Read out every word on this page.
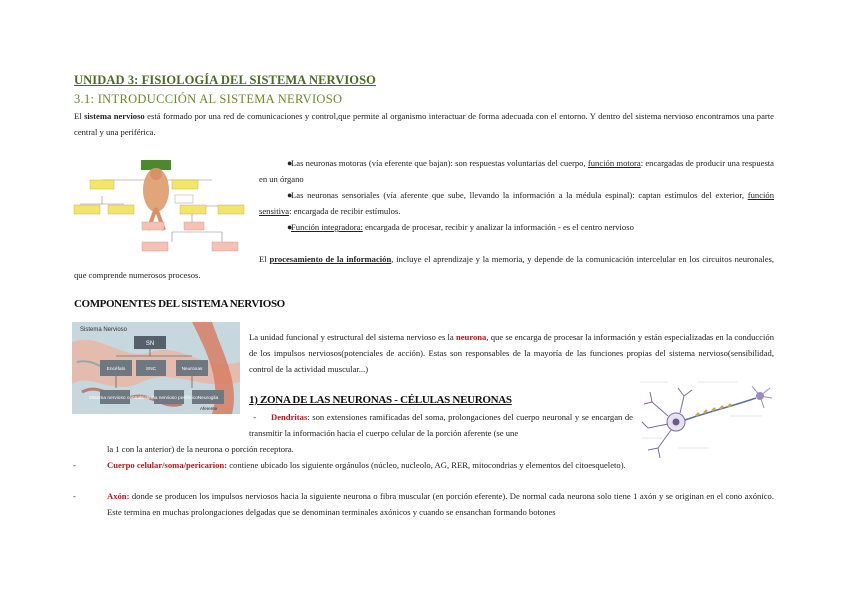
UNIDAD 3: FISIOLOGÍA DEL SISTEMA NERVIOSO
3.1: INTRODUCCIÓN AL SISTEMA NERVIOSO
El sistema nervioso está formado por una red de comunicaciones y control,que permite al organismo interactuar de forma adecuada con el entorno. Y dentro del sistema nervioso encontramos una parte central y una periférica.
●Las neuronas motoras (vía eferente que bajan): son respuestas voluntarias del cuerpo, función motora: encargadas de producir una respuesta en un órgano
●Las neuronas sensoriales (vía aferente que sube, llevando la información a la médula espinal): captan estímulos del exterior, función sensitiva: encargada de recibir estímulos.
●Función integradora: encargada de procesar, recibir y analizar la información - es el centro nervioso
El procesamiento de la información, incluye el aprendizaje y la memoria, y depende de la comunicación intercelular en los circuitos neuronales, que comprende numerosos procesos.
COMPONENTES DEL SISTEMA NERVIOSO
Sistema Nervioso
SN
Encéfalo	SNC	Neuronas
Sistema nervioso central
Sistema nervioso periférico Neuroglia
Aferente
La unidad funcional y estructural del sistema nervioso es la neurona, que se encarga de procesar la información y están especializadas en la conducción de los impulsos nerviosos(potenciales de acción). Estas son responsables de la mayoría de las funciones propias del sistema nervioso(sensibilidad, control de la actividad muscular...)
1) ZONA DE LAS NEURONAS - CÉLULAS NEURONAS
- Dendritas: son extensiones ramificadas del soma, prolongaciones del cuerpo neuronal y se encargan de transmitir la información hacia el cuerpo celular de la porción aferente (se une
la 1 con la anterior) de la neurona o porción receptora.
-	Cuerpo celular/soma/pericarion: contiene ubicado los siguiente orgánulos (núcleo, nucleolo, AG, RER, mitocondrias y elementos del citoesqueleto).
-	Axón: donde se producen los impulsos nerviosos hacia la siguiente neurona o fibra muscular (en porción eferente). De normal cada neurona solo tiene 1 axón y se originan en el cono axónico. Este termina en muchas prolongaciones delgadas que se denominan terminales axónicos y cuando se ensanchan formando botones
